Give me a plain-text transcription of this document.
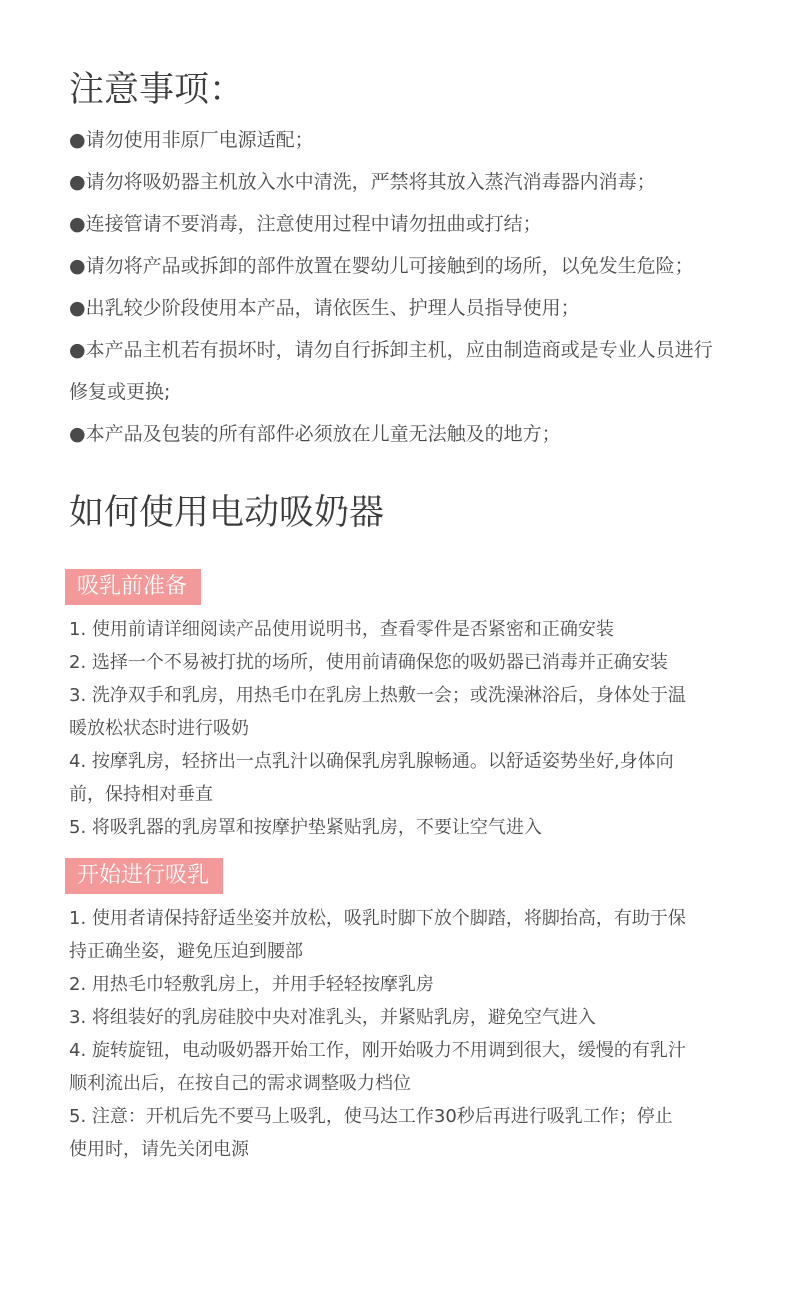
注意事项：
●请勿使用非原厂电源适配；
●请勿将吸奶器主机放入水中清洗，严禁将其放入蒸汽消毒器内消毒；
●连接管请不要消毒，注意使用过程中请勿扭曲或打结；
●请勿将产品或拆卸的部件放置在婴幼儿可接触到的场所，以免发生危险；
●出乳较少阶段使用本产品，请依医生、护理人员指导使用；
●本产品主机若有损坏时，请勿自行拆卸主机，应由制造商或是专业人员进行修复或更换;
●本产品及包装的所有部件必须放在儿童无法触及的地方；
如何使用电动吸奶器
吸乳前准备
1. 使用前请详细阅读产品使用说明书，查看零件是否紧密和正确安装
2. 选择一个不易被打扰的场所，使用前请确保您的吸奶器已消毒并正确安装
3. 洗净双手和乳房，用热毛巾在乳房上热敷一会；或洗澡淋浴后，身体处于温暖放松状态时进行吸奶
4. 按摩乳房，轻挤出一点乳汁以确保乳房乳腺畅通。以舒适姿势坐好,身体向前，保持相对垂直
5. 将吸乳器的乳房罩和按摩护垫紧贴乳房，不要让空气进入
开始进行吸乳
1. 使用者请保持舒适坐姿并放松，吸乳时脚下放个脚踏，将脚抬高，有助于保持正确坐姿，避免压迫到腰部
2. 用热毛巾轻敷乳房上，并用手轻轻按摩乳房
3. 将组装好的乳房硅胶中央对准乳头，并紧贴乳房，避免空气进入
4. 旋转旋钮，电动吸奶器开始工作，刚开始吸力不用调到很大，缓慢的有乳汁顺利流出后，在按自己的需求调整吸力档位
5. 注意：开机后先不要马上吸乳，使马达工作30秒后再进行吸乳工作；停止使用时，请先关闭电源
